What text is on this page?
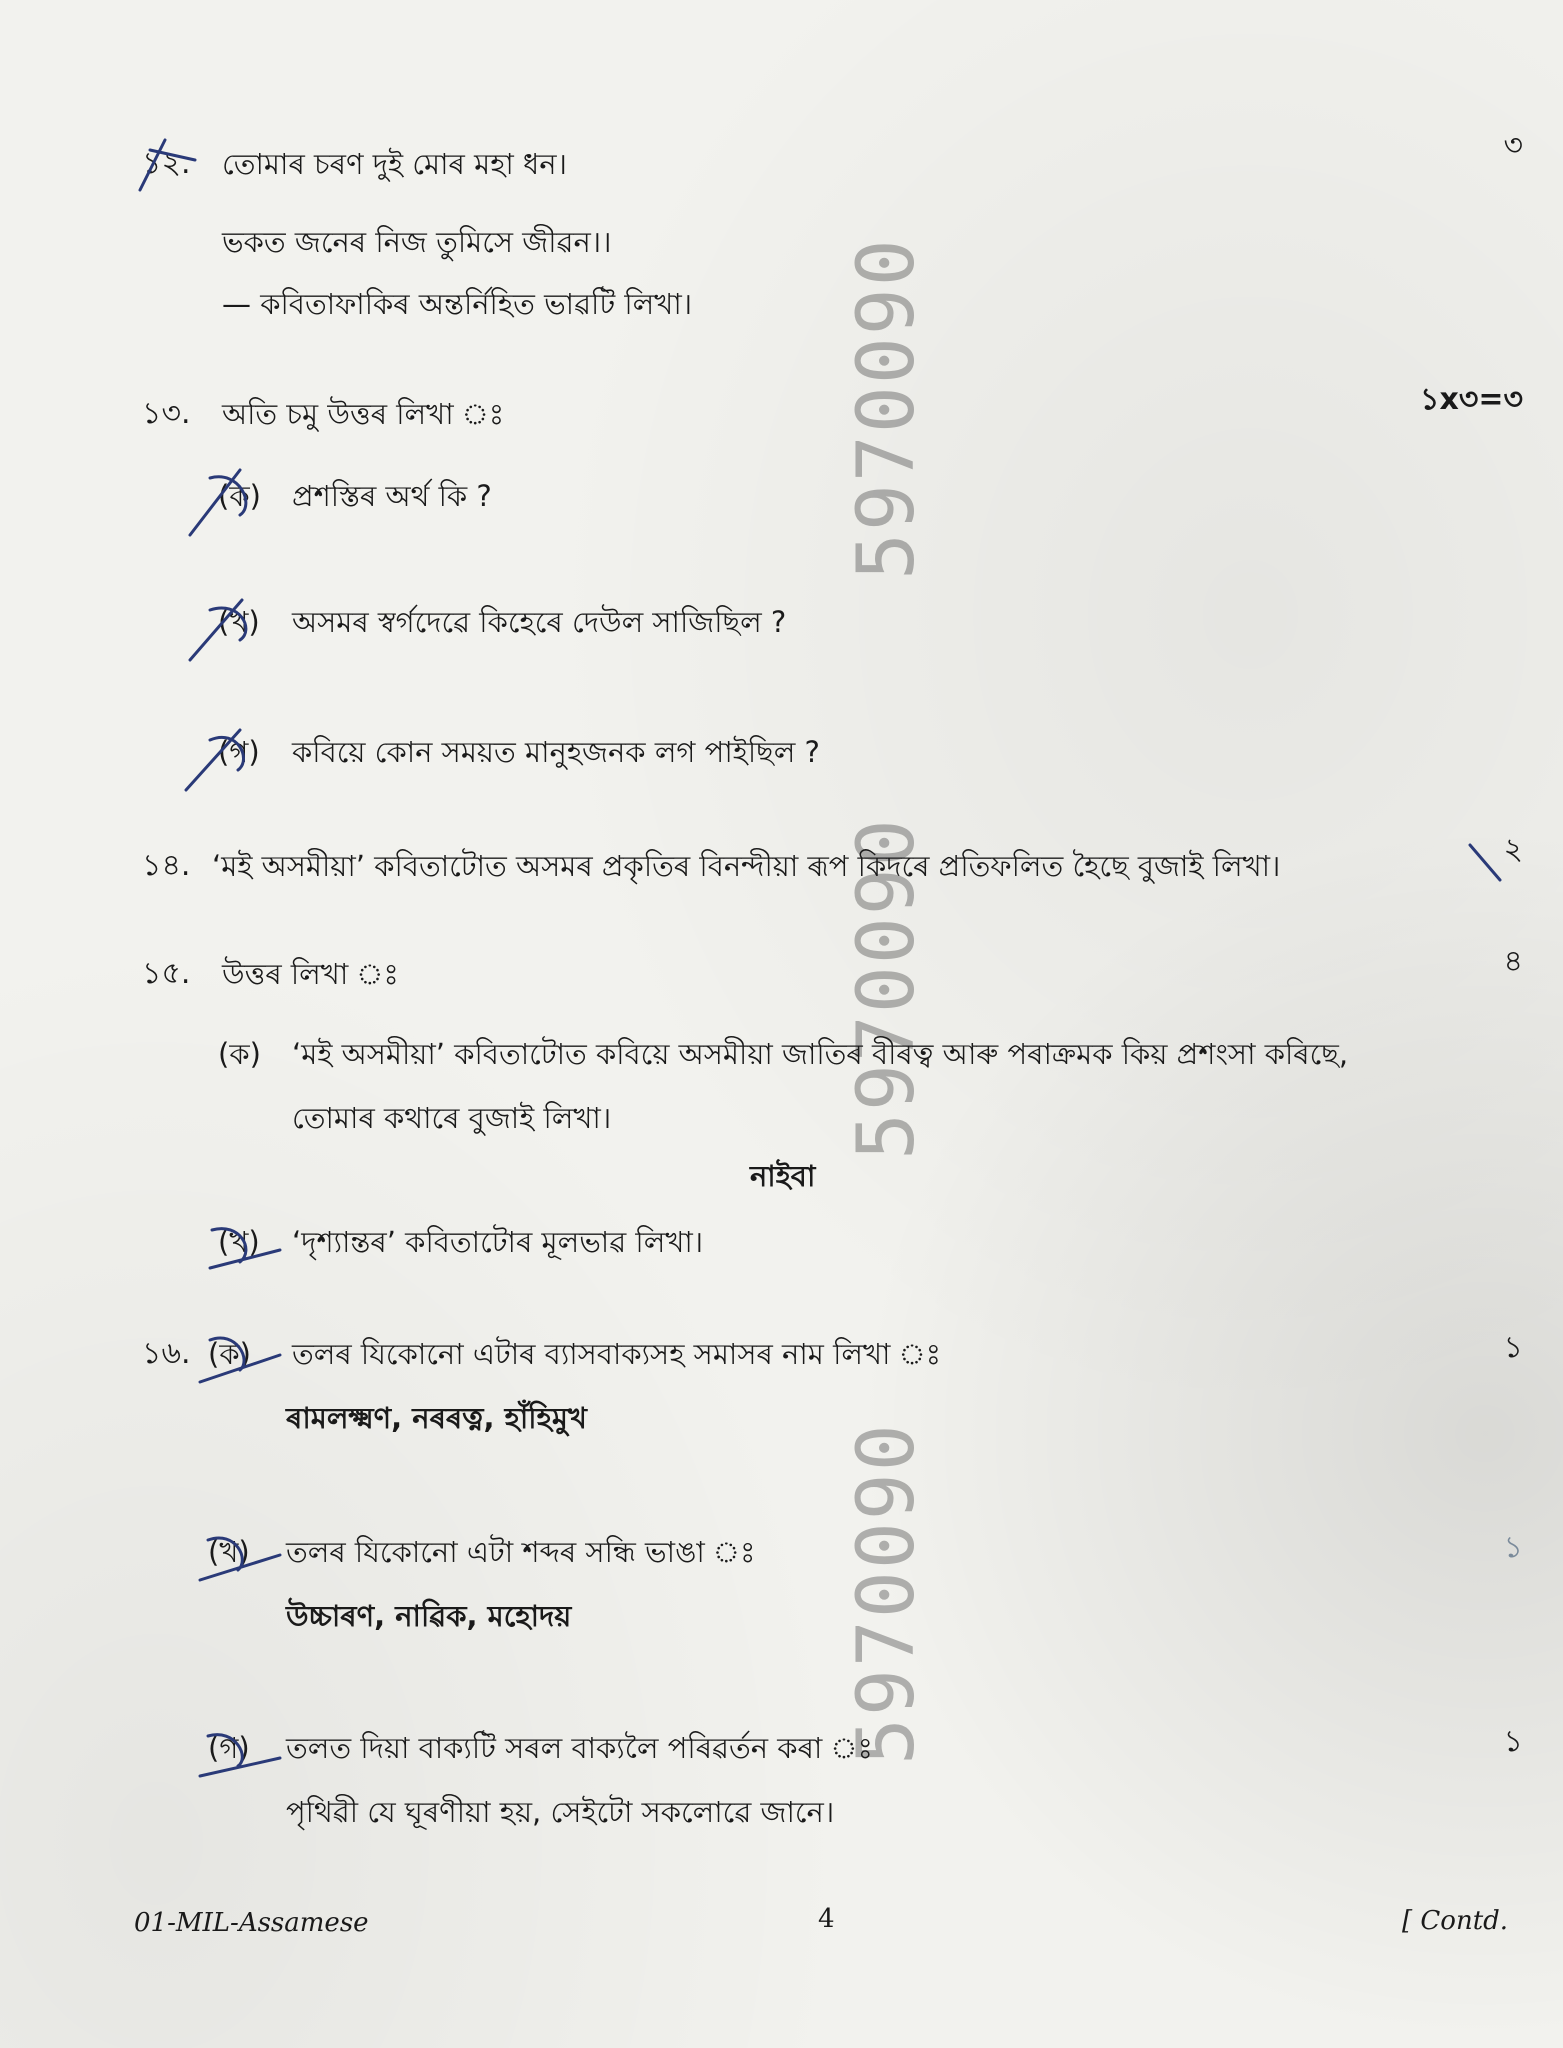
5970090
5970090
5970090
১২. তোমাৰ চৰণ দুই মোৰ মহা ধন।
ভকত জনেৰ নিজ তুমিসে জীৱন।।
— কবিতাফাকিৰ অন্তৰ্নিহিত ভাৱটি লিখা।
৩
১৩. অতি চমু উত্তৰ লিখা ঃ	১x৩=৩
(ক) প্ৰশস্তিৰ অৰ্থ কি ?
(খ) অসমৰ স্বৰ্গদেৱে কিহেৰে দেউল সাজিছিল ?
(গ) কবিয়ে কোন সময়ত মানুহজনক লগ পাইছিল ?
১৪. ‘মই অসমীয়া’ কবিতাটোত অসমৰ প্ৰকৃতিৰ বিনন্দীয়া ৰূপ কিদৰে প্ৰতিফলিত হৈছে বুজাই লিখা।	২
১৫. উত্তৰ লিখা ঃ	৪
(ক) ‘মই অসমীয়া’ কবিতাটোত কবিয়ে অসমীয়া জাতিৰ বীৰত্ব আৰু পৰাক্ৰমক কিয় প্ৰশংসা কৰিছে,
তোমাৰ কথাৰে বুজাই লিখা।
নাইবা
(খ) ‘দৃশ্যান্তৰ’ কবিতাটোৰ মূলভাৱ লিখা।
১৬. (ক) তলৰ যিকোনো এটাৰ ব্যাসবাক্যসহ সমাসৰ নাম লিখা ঃ	১
ৰামলক্ষ্মণ, নৰৰত্ন, হাঁহিমুখ
(খ) তলৰ যিকোনো এটা শব্দৰ সন্ধি ভাঙা ঃ	১
উচ্চাৰণ, নাৱিক, মহোদয়
(গ) তলত দিয়া বাক্যটি সৰল বাক্যলৈ পৰিৱৰ্তন কৰা ঃ	১
পৃথিৱী যে ঘূৰণীয়া হয়, সেইটো সকলোৱে জানে।
01-MIL-Assamese	4	[ Contd.
